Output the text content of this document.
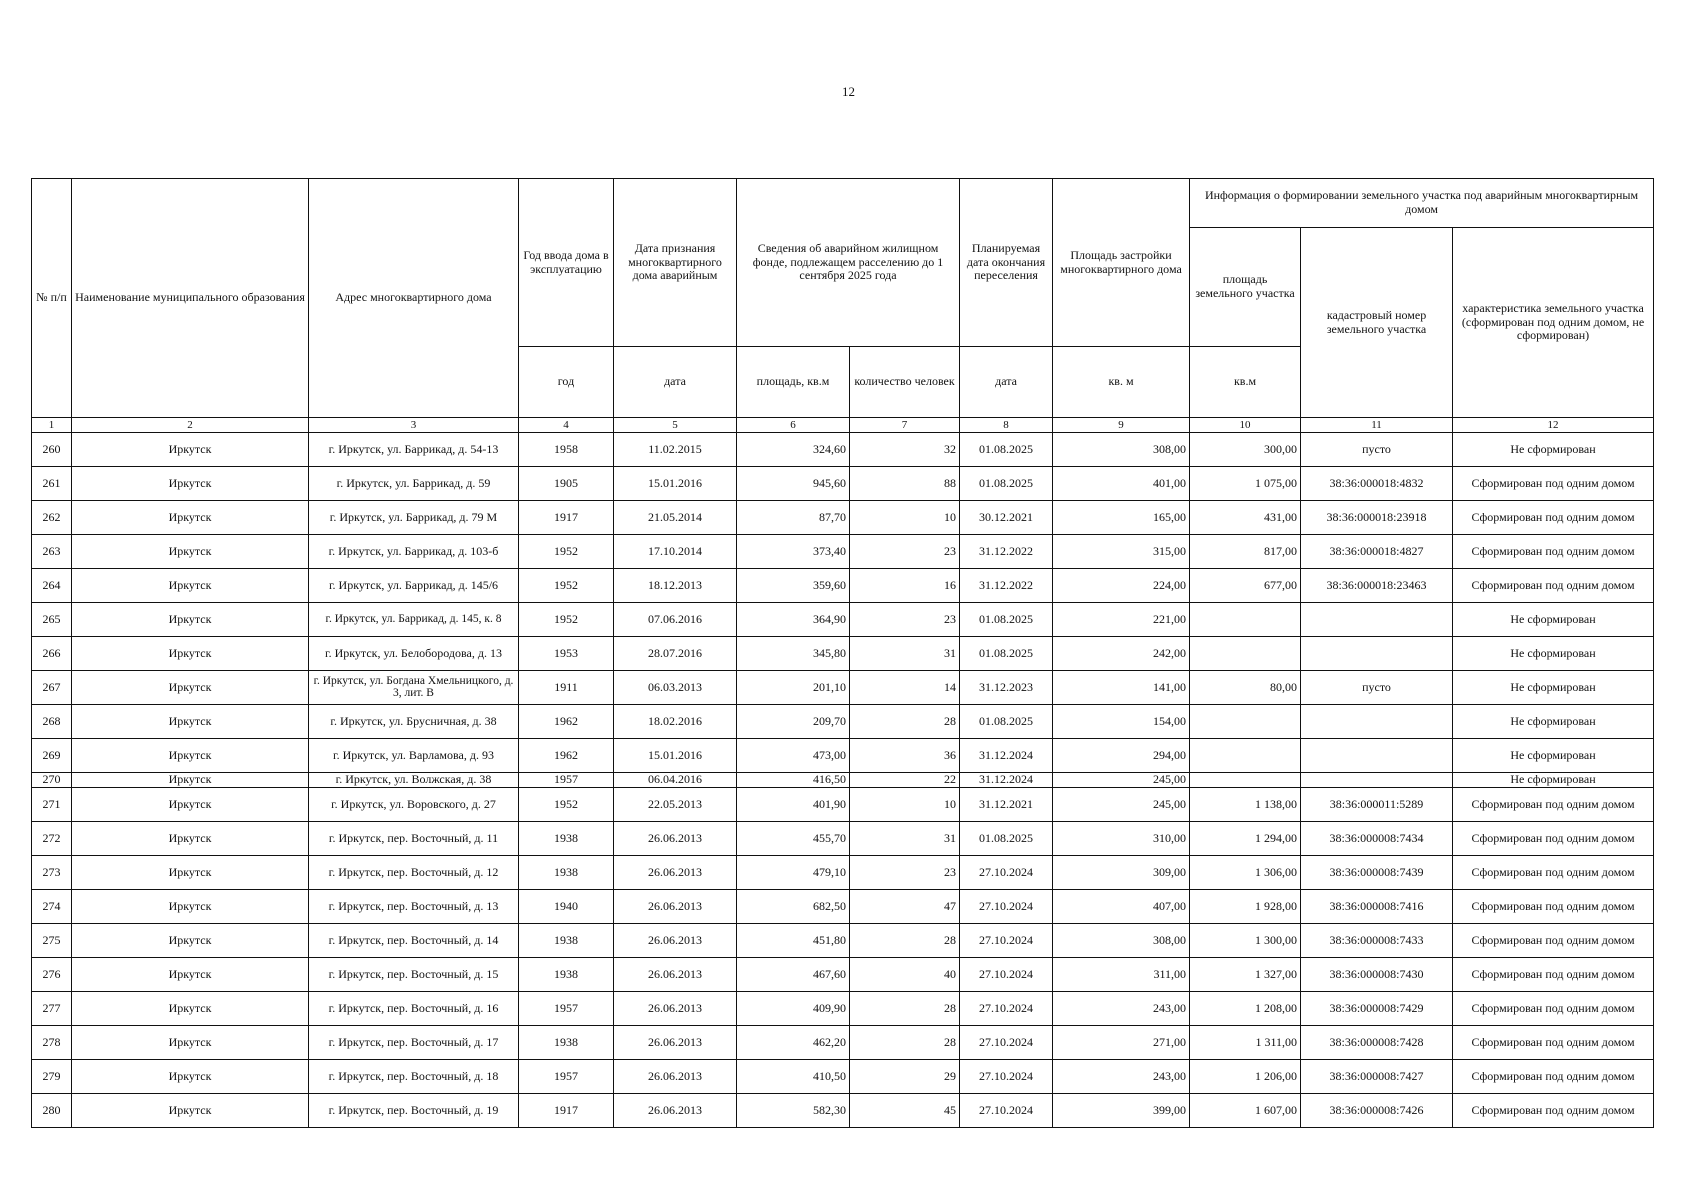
12
№ п/п	Наименование муниципального образования	Адрес многоквартирного дома	Год ввода дома в эксплуатацию	Дата признания многоквартирного дома аварийным	Сведения об аварийном жилищном фонде, подлежащем расселению до 1 сентября 2025 года		Планируемая дата окончания переселения	Площадь застройки многоквартирного дома	Информация о формировании земельного участка под аварийным многоквартирным домом		
									площадь земельного участка	кадастровый номер земельного участка	характеристика земельного участка (сформирован под одним домом, не сформирован)
			год	дата	площадь, кв.м	количество человек	дата	кв. м	кв.м		
1	2	3	4	5	6	7	8	9	10	11	12
260	Иркутск	г. Иркутск, ул. Баррикад, д. 54-13	1958	11.02.2015	324,60	32	01.08.2025	308,00	300,00	пусто	Не сформирован
261	Иркутск	г. Иркутск, ул. Баррикад, д. 59	1905	15.01.2016	945,60	88	01.08.2025	401,00	1 075,00	38:36:000018:4832	Сформирован под одним домом
262	Иркутск	г. Иркутск, ул. Баррикад, д. 79 М	1917	21.05.2014	87,70	10	30.12.2021	165,00	431,00	38:36:000018:23918	Сформирован под одним домом
263	Иркутск	г. Иркутск, ул. Баррикад, д. 103-б	1952	17.10.2014	373,40	23	31.12.2022	315,00	817,00	38:36:000018:4827	Сформирован под одним домом
264	Иркутск	г. Иркутск, ул. Баррикад, д. 145/6	1952	18.12.2013	359,60	16	31.12.2022	224,00	677,00	38:36:000018:23463	Сформирован под одним домом
265	Иркутск	г. Иркутск, ул. Баррикад, д. 145, к. 8	1952	07.06.2016	364,90	23	01.08.2025	221,00			Не сформирован
266	Иркутск	г. Иркутск, ул. Белобородова, д. 13	1953	28.07.2016	345,80	31	01.08.2025	242,00			Не сформирован
267	Иркутск	г. Иркутск, ул. Богдана Хмельницкого, д. 3, лит. В	1911	06.03.2013	201,10	14	31.12.2023	141,00	80,00	пусто	Не сформирован
268	Иркутск	г. Иркутск, ул. Брусничная, д. 38	1962	18.02.2016	209,70	28	01.08.2025	154,00			Не сформирован
269	Иркутск	г. Иркутск, ул. Варламова, д. 93	1962	15.01.2016	473,00	36	31.12.2024	294,00			Не сформирован
270	Иркутск	г. Иркутск, ул. Волжская, д. 38	1957	06.04.2016	416,50	22	31.12.2024	245,00			Не сформирован
271	Иркутск	г. Иркутск, ул. Воровского, д. 27	1952	22.05.2013	401,90	10	31.12.2021	245,00	1 138,00	38:36:000011:5289	Сформирован под одним домом
272	Иркутск	г. Иркутск, пер. Восточный, д. 11	1938	26.06.2013	455,70	31	01.08.2025	310,00	1 294,00	38:36:000008:7434	Сформирован под одним домом
273	Иркутск	г. Иркутск, пер. Восточный, д. 12	1938	26.06.2013	479,10	23	27.10.2024	309,00	1 306,00	38:36:000008:7439	Сформирован под одним домом
274	Иркутск	г. Иркутск, пер. Восточный, д. 13	1940	26.06.2013	682,50	47	27.10.2024	407,00	1 928,00	38:36:000008:7416	Сформирован под одним домом
275	Иркутск	г. Иркутск, пер. Восточный, д. 14	1938	26.06.2013	451,80	28	27.10.2024	308,00	1 300,00	38:36:000008:7433	Сформирован под одним домом
276	Иркутск	г. Иркутск, пер. Восточный, д. 15	1938	26.06.2013	467,60	40	27.10.2024	311,00	1 327,00	38:36:000008:7430	Сформирован под одним домом
277	Иркутск	г. Иркутск, пер. Восточный, д. 16	1957	26.06.2013	409,90	28	27.10.2024	243,00	1 208,00	38:36:000008:7429	Сформирован под одним домом
278	Иркутск	г. Иркутск, пер. Восточный, д. 17	1938	26.06.2013	462,20	28	27.10.2024	271,00	1 311,00	38:36:000008:7428	Сформирован под одним домом
279	Иркутск	г. Иркутск, пер. Восточный, д. 18	1957	26.06.2013	410,50	29	27.10.2024	243,00	1 206,00	38:36:000008:7427	Сформирован под одним домом
280	Иркутск	г. Иркутск, пер. Восточный, д. 19	1917	26.06.2013	582,30	45	27.10.2024	399,00	1 607,00	38:36:000008:7426	Сформирован под одним домом
